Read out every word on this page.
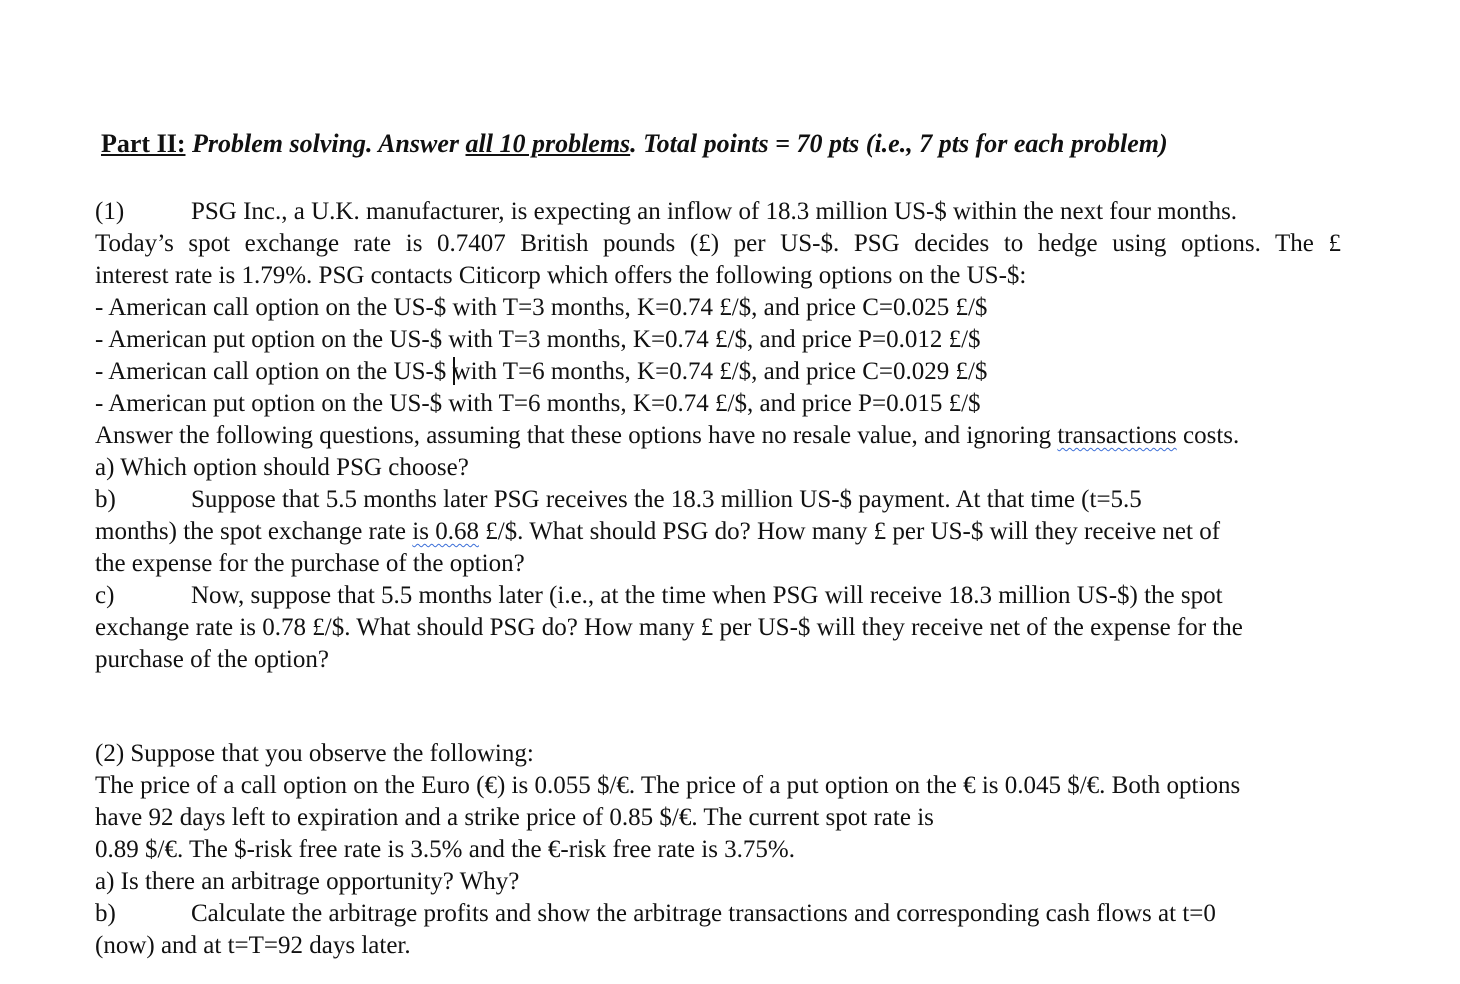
Part II: Problem solving. Answer all 10 problems. Total points = 70 pts (i.e., 7 pts for each problem)
(1)	PSG Inc., a U.K. manufacturer, is expecting an inflow of 18.3 million US-$ within the next four months.
Today’s spot exchange rate is 0.7407 British pounds (£) per US-$. PSG decides to hedge using options. The £
interest rate is 1.79%. PSG contacts Citicorp which offers the following options on the US-$:
- American call option on the US-$ with T=3 months, K=0.74 £/$, and price C=0.025 £/$
- American put option on the US-$ with T=3 months, K=0.74 £/$, and price P=0.012 £/$
- American call option on the US-$ with T=6 months, K=0.74 £/$, and price C=0.029 £/$
- American put option on the US-$ with T=6 months, K=0.74 £/$, and price P=0.015 £/$
Answer the following questions, assuming that these options have no resale value, and ignoring transactions costs.
a) Which option should PSG choose?
b)	Suppose that 5.5 months later PSG receives the 18.3 million US-$ payment. At that time (t=5.5
months) the spot exchange rate is 0.68 £/$. What should PSG do? How many £ per US-$ will they receive net of
the expense for the purchase of the option?
c)	Now, suppose that 5.5 months later (i.e., at the time when PSG will receive 18.3 million US-$) the spot
exchange rate is 0.78 £/$. What should PSG do? How many £ per US-$ will they receive net of the expense for the
purchase of the option?
(2) Suppose that you observe the following:
The price of a call option on the Euro (€) is 0.055 $/€. The price of a put option on the € is 0.045 $/€. Both options
have 92 days left to expiration and a strike price of 0.85 $/€. The current spot rate is
0.89 $/€. The $-risk free rate is 3.5% and the €-risk free rate is 3.75%.
a) Is there an arbitrage opportunity? Why?
b)	Calculate the arbitrage profits and show the arbitrage transactions and corresponding cash flows at t=0
(now) and at t=T=92 days later.
